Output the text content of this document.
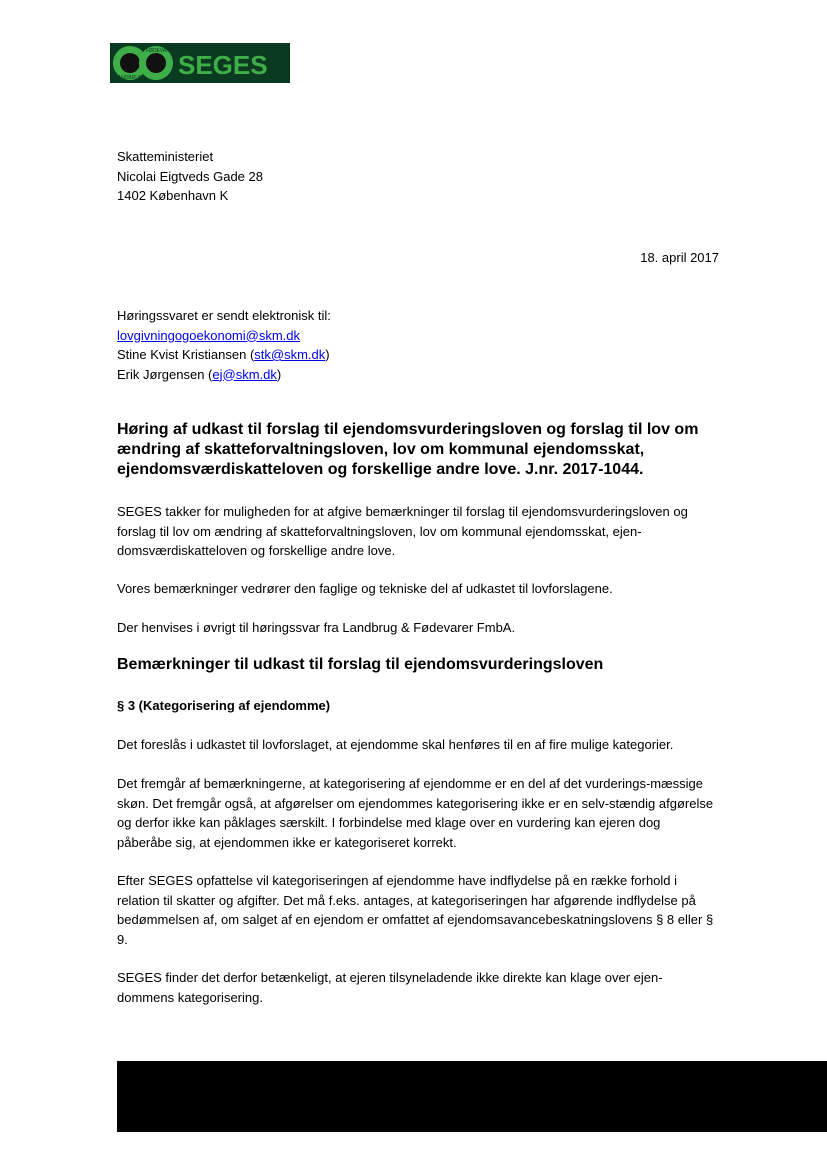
LANDBRUG
FØDEVARER SEGES
Skatteministeriet
Nicolai Eigtveds Gade 28
1402 København K
18. april 2017
Høringssvaret er sendt elektronisk til:
lovgivningogoekonomi@skm.dk
Stine Kvist Kristiansen (stk@skm.dk)
Erik Jørgensen (ej@skm.dk)
Høring af udkast til forslag til ejendomsvurderingsloven og forslag til lov om ændring af skatteforvaltningsloven, lov om kommunal ejendomsskat, ejendomsværdiskatteloven og forskellige andre love. J.nr. 2017-1044.
SEGES takker for muligheden for at afgive bemærkninger til forslag til ejendomsvurderingsloven og forslag til lov om ændring af skatteforvaltningsloven, lov om kommunal ejendomsskat, ejen-domsværdiskatteloven og forskellige andre love.
Vores bemærkninger vedrører den faglige og tekniske del af udkastet til lovforslagene.
Der henvises i øvrigt til høringssvar fra Landbrug & Fødevarer FmbA.
Bemærkninger til udkast til forslag til ejendomsvurderingsloven
§ 3 (Kategorisering af ejendomme)
Det foreslås i udkastet til lovforslaget, at ejendomme skal henføres til en af fire mulige kategorier.
Det fremgår af bemærkningerne, at kategorisering af ejendomme er en del af det vurderings-mæssige skøn. Det fremgår også, at afgørelser om ejendommes kategorisering ikke er en selv-stændig afgørelse og derfor ikke kan påklages særskilt. I forbindelse med klage over en vurdering kan ejeren dog påberåbe sig, at ejendommen ikke er kategoriseret korrekt.
Efter SEGES opfattelse vil kategoriseringen af ejendomme have indflydelse på en række forhold i relation til skatter og afgifter. Det må f.eks. antages, at kategoriseringen har afgørende indflydelse på bedømmelsen af, om salget af en ejendom er omfattet af ejendomsavancebeskatningslovens § 8 eller § 9.
SEGES finder det derfor betænkeligt, at ejeren tilsyneladende ikke direkte kan klage over ejen-dommens kategorisering.
